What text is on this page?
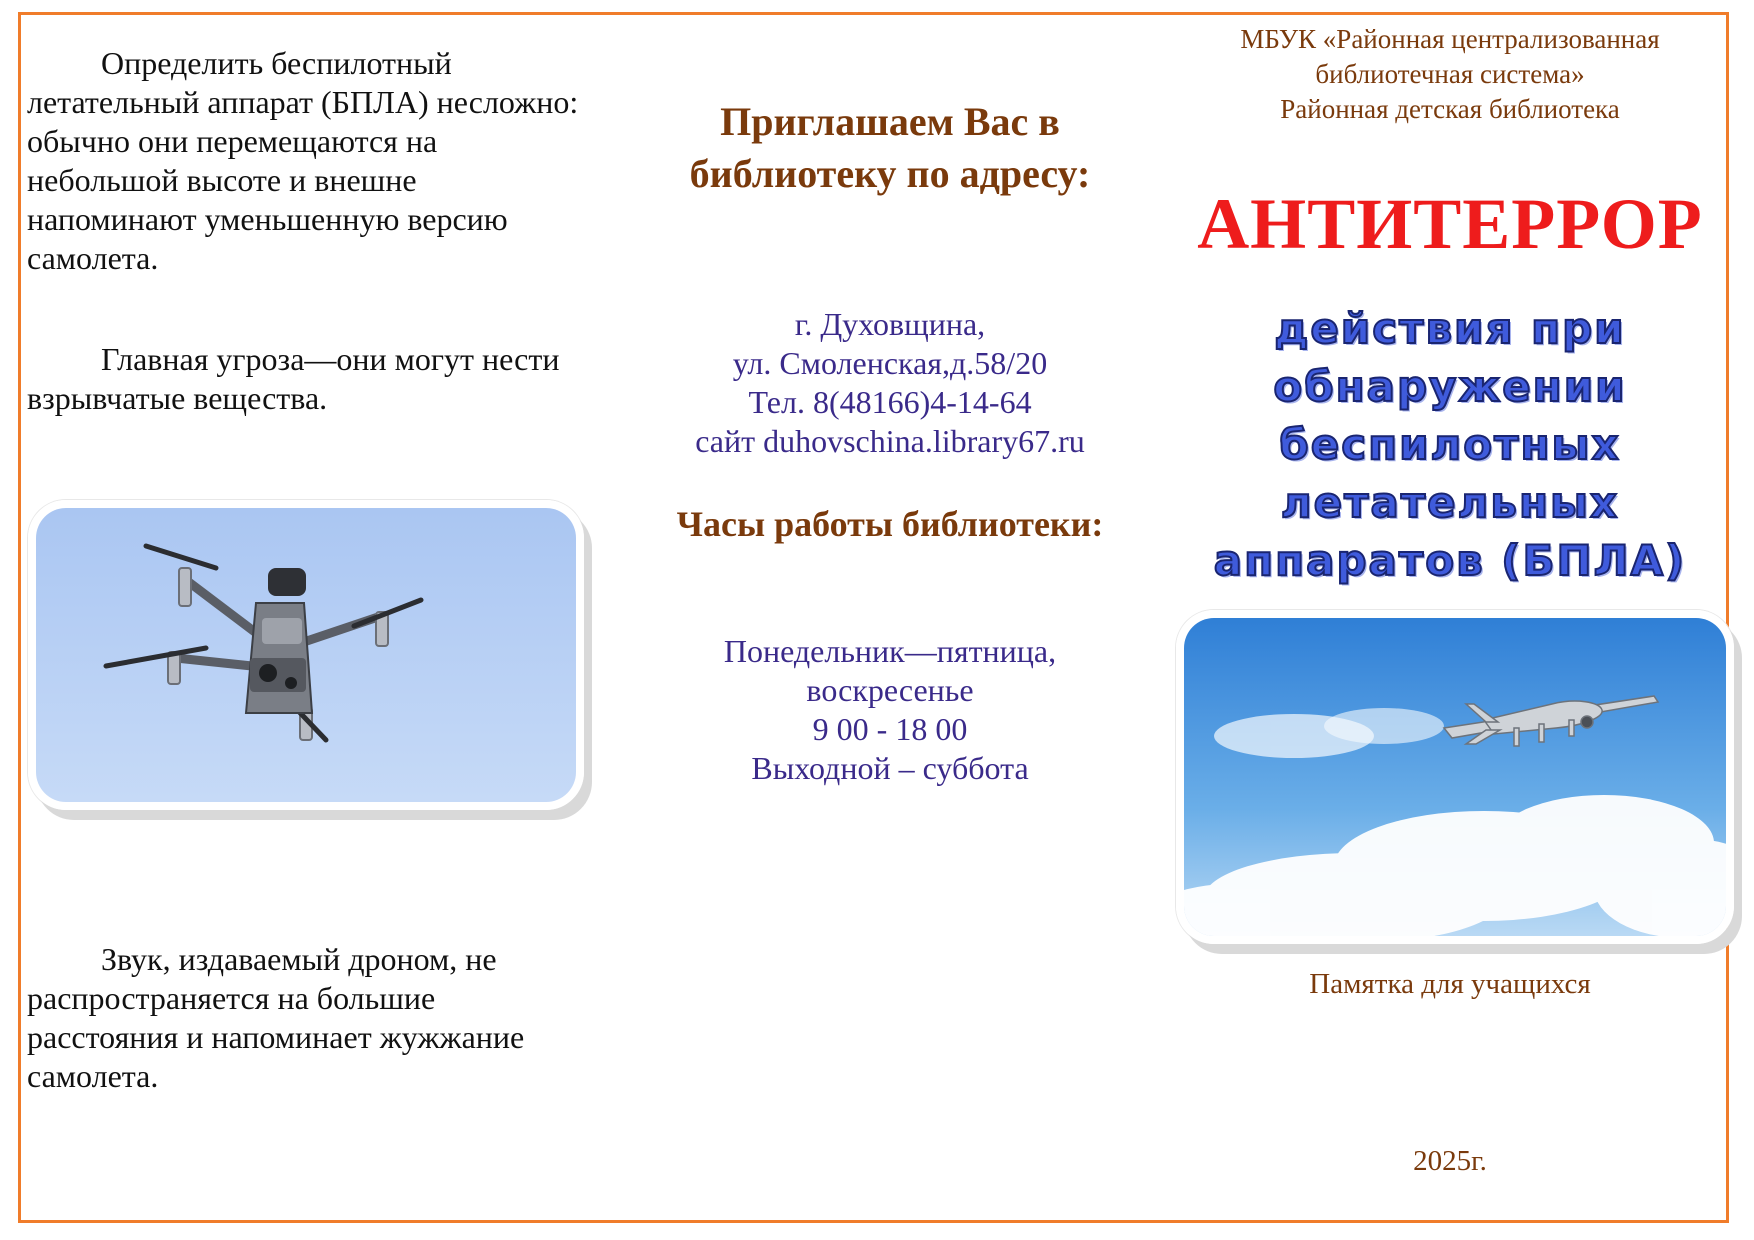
Определить беспилотный летательный аппарат (БПЛА) несложно: обычно они перемещаются на небольшой высоте и внешне напоминают уменьшенную версию самолета.

Главная угроза—они могут нести взрывчатые вещества.

Звук, издаваемый дроном, не распространяется на большие расстояния и напоминает жужжание самолета.

Приглашаем Вас в библиотеку по адресу:
г. Духовщина,
ул. Смоленская,д.58/20
Тел. 8(48166)4-14-64
сайт duhovschina.library67.ru
Часы работы библиотеки:
Понедельник—пятница,
воскресенье
9 00 - 18 00
Выходной – суббота
МБУК «Районная централизованная
библиотечная система»
Районная детская библиотека
АНТИТЕРРОР
действия при
обнаружении
беспилотных
летательных
аппаратов (БПЛА)

Памятка для учащихся

2025г.
